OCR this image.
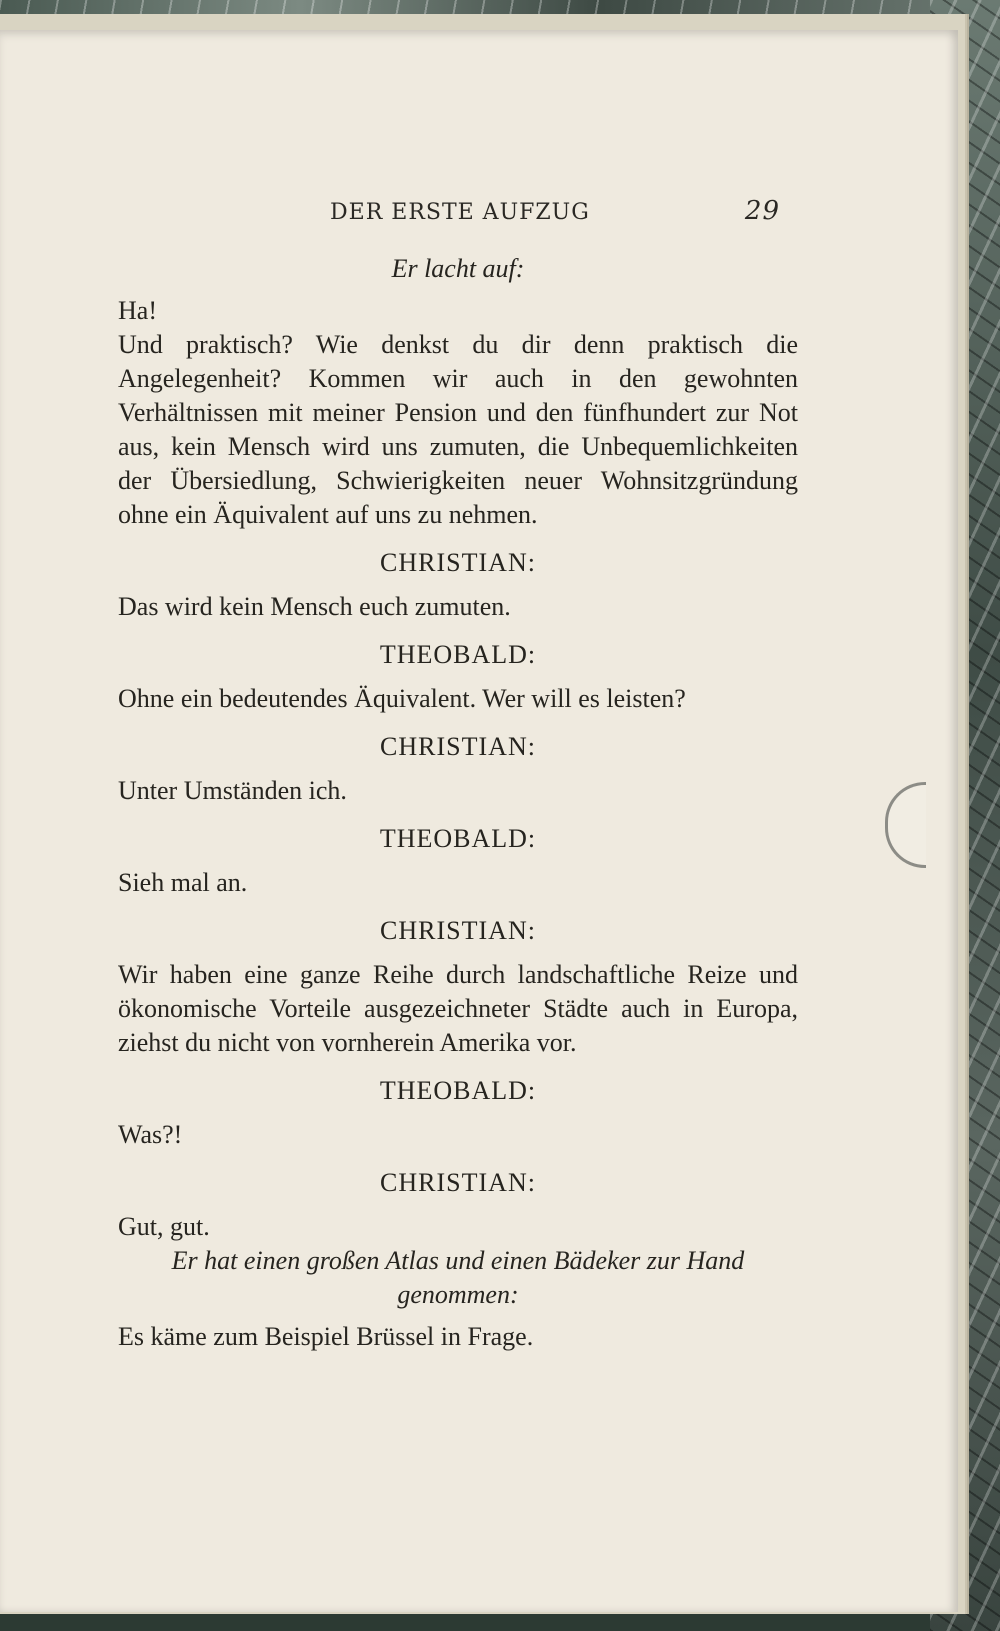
DER ERSTE AUFZUG	29
Er lacht auf:
Ha!
Und praktisch? Wie denkst du dir denn praktisch die Angelegenheit? Kommen wir auch in den gewohnten Verhältnissen mit meiner Pension und den fünfhundert zur Not aus, kein Mensch wird uns zumuten, die Unbequemlichkeiten der Übersiedlung, Schwierigkeiten neuer Wohnsitzgründung ohne ein Äquivalent auf uns zu nehmen.
CHRISTIAN:
Das wird kein Mensch euch zumuten.
THEOBALD:
Ohne ein bedeutendes Äquivalent. Wer will es leisten?
CHRISTIAN:
Unter Umständen ich.
THEOBALD:
Sieh mal an.
CHRISTIAN:
Wir haben eine ganze Reihe durch landschaftliche Reize und ökonomische Vorteile ausgezeichneter Städte auch in Europa, ziehst du nicht von vornherein Amerika vor.
THEOBALD:
Was?!
CHRISTIAN:
Gut, gut.
Er hat einen großen Atlas und einen Bädeker zur Hand genommen:
Es käme zum Beispiel Brüssel in Frage.
